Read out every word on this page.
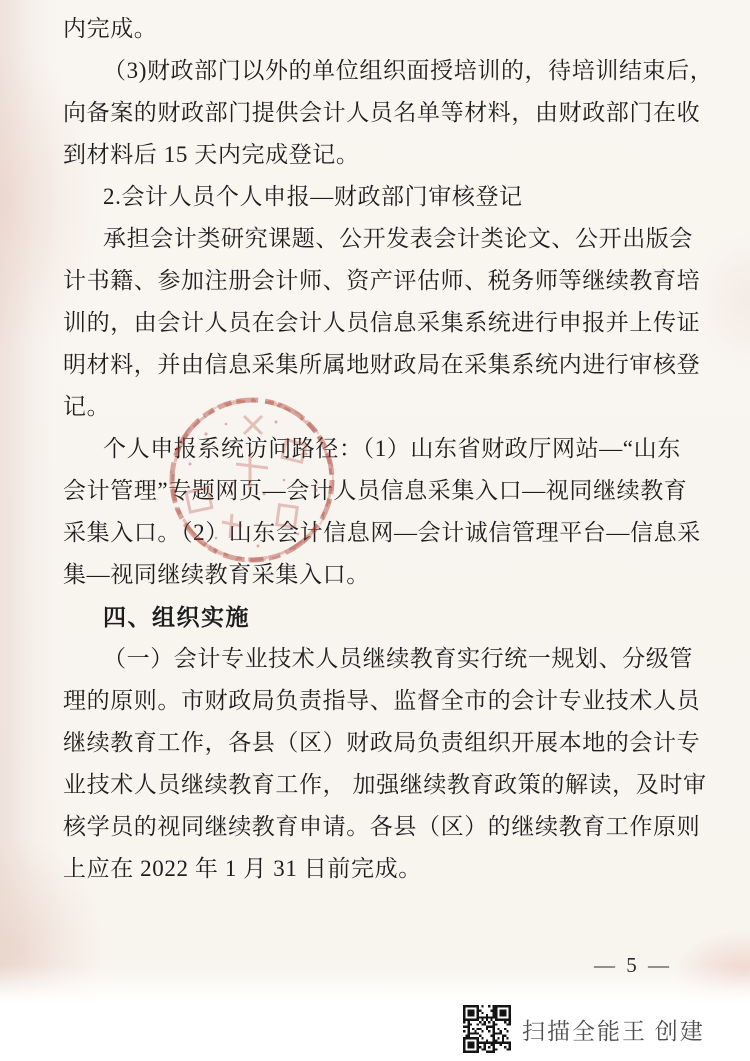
内完成。
（3)财政部门以外的单位组织面授培训的，待培训结束后，
向备案的财政部门提供会计人员名单等材料，由财政部门在收
到材料后 15 天内完成登记。
2.会计人员个人申报—财政部门审核登记
承担会计类研究课题、公开发表会计类论文、公开出版会
计书籍、参加注册会计师、资产评估师、税务师等继续教育培
训的，由会计人员在会计人员信息采集系统进行申报并上传证
明材料，并由信息采集所属地财政局在采集系统内进行审核登
记。
个人申报系统访问路径：（1）山东省财政厅网站—“山东
会计管理”专题网页—会计人员信息采集入口—视同继续教育
采集入口。（2）山东会计信息网—会计诚信管理平台—信息采
集—视同继续教育采集入口。
四、组织实施
（一）会计专业技术人员继续教育实行统一规划、分级管
理的原则。市财政局负责指导、监督全市的会计专业技术人员
继续教育工作，各县（区）财政局负责组织开展本地的会计专
业技术人员继续教育工作， 加强继续教育政策的解读，及时审
核学员的视同继续教育申请。各县（区）的继续教育工作原则
上应在 2022 年 1 月 31 日前完成。
— 5 —
扫描全能王 创建
